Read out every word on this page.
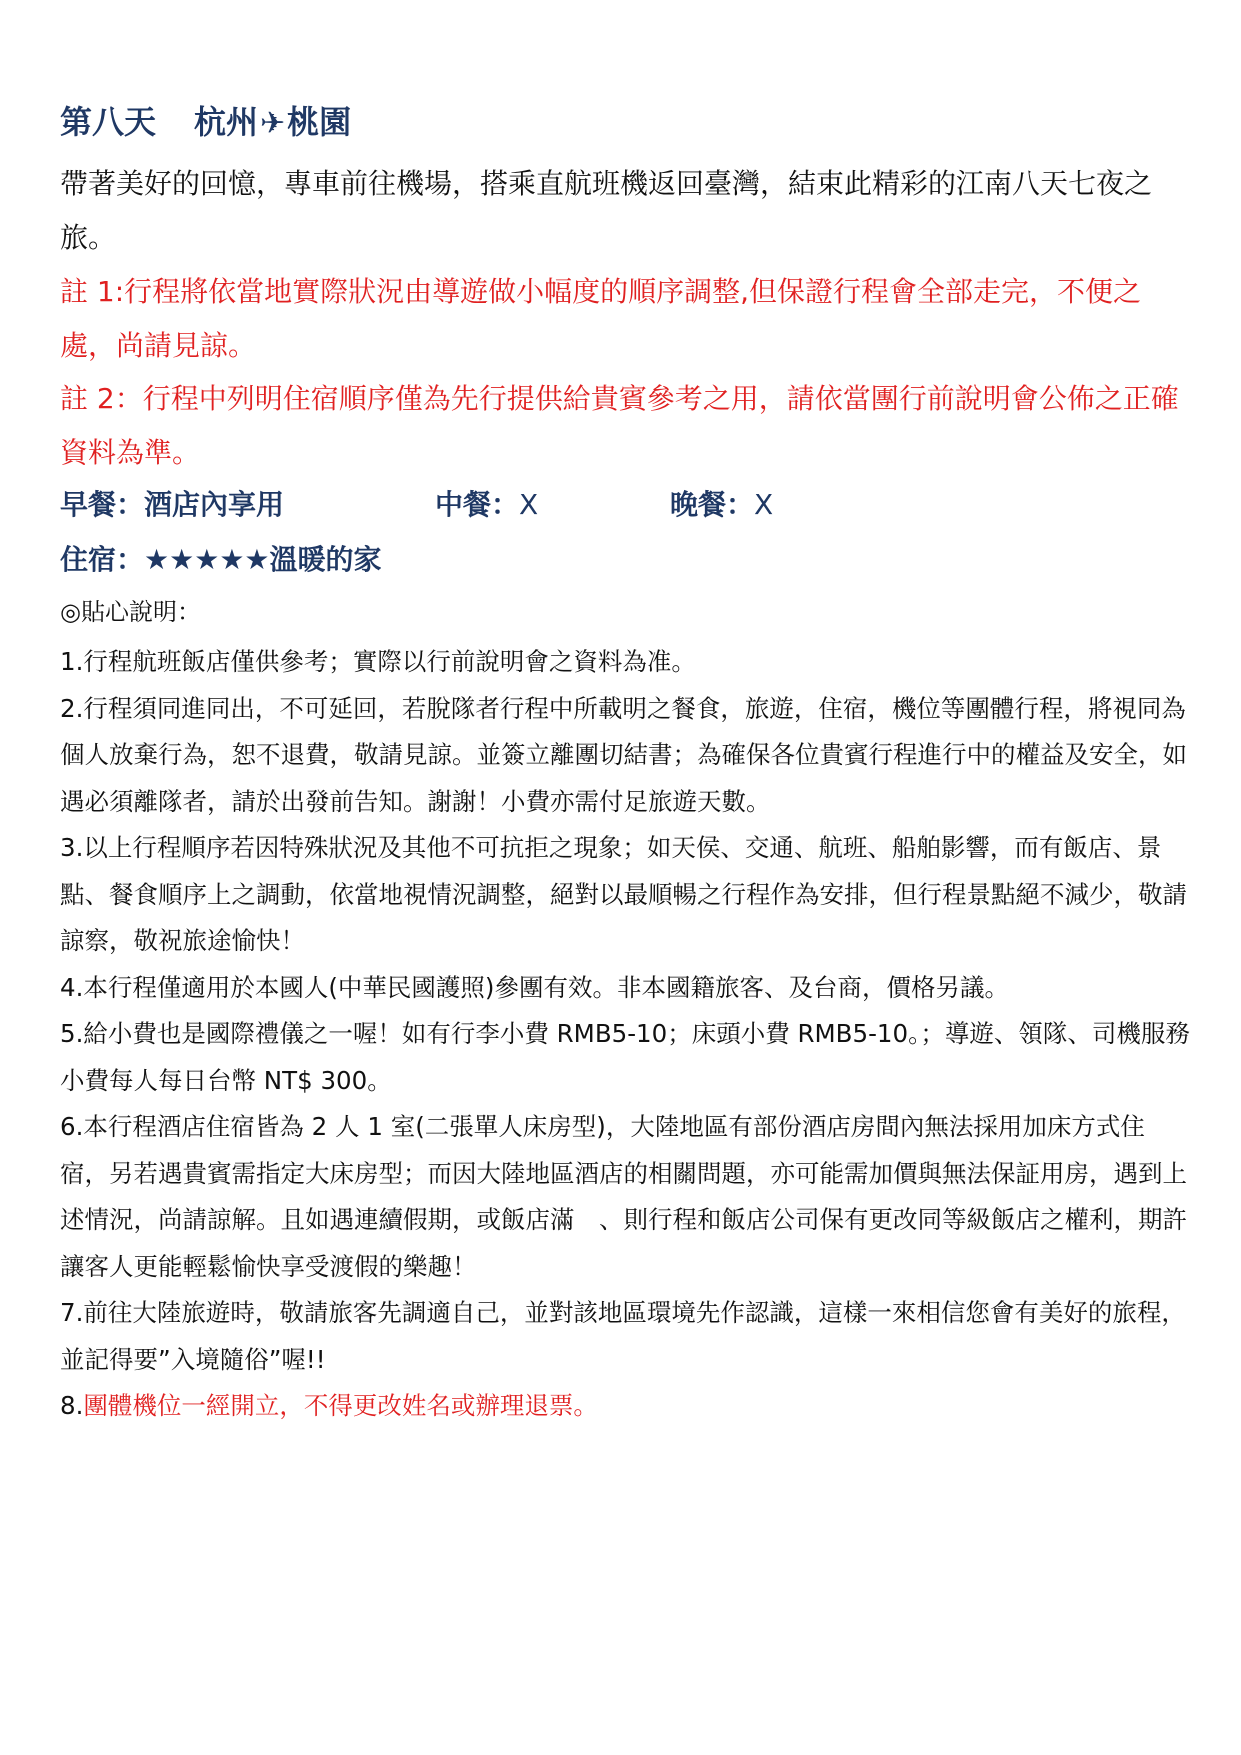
第八天 杭州✈桃園
帶著美好的回憶，專車前往機場，搭乘直航班機返回臺灣，結束此精彩的江南八天七夜之旅。
註 1:行程將依當地實際狀況由導遊做小幅度的順序調整,但保證行程會全部走完，不便之處，尚請見諒。
註 2：行程中列明住宿順序僅為先行提供給貴賓參考之用，請依當團行前說明會公佈之正確資料為準。
早餐：酒店內享用	中餐：X	晚餐：X
住宿：★★★★★溫暖的家
◎貼心說明：

1.行程航班飯店僅供參考；實際以行前說明會之資料為准。

2.行程須同進同出，不可延回，若脫隊者行程中所載明之餐食，旅遊，住宿，機位等團體行程，將視同為個人放棄行為，恕不退費，敬請見諒。並簽立離團切結書；為確保各位貴賓行程進行中的權益及安全，如遇必須離隊者，請於出發前告知。謝謝！小費亦需付足旅遊天數。

3.以上行程順序若因特殊狀況及其他不可抗拒之現象；如天侯、交通、航班、船舶影響，而有飯店、景點、餐食順序上之調動，依當地視情況調整，絕對以最順暢之行程作為安排，但行程景點絕不減少，敬請諒察，敬祝旅途愉快！

4.本行程僅適用於本國人(中華民國護照)參團有效。非本國籍旅客、及台商，價格另議。

5.給小費也是國際禮儀之一喔！如有行李小費 RMB5-10；床頭小費 RMB5-10。；導遊、領隊、司機服務小費每人每日台幣 NT$ 300。

6.本行程酒店住宿皆為 2 人 1 室(二張單人床房型)，大陸地區有部份酒店房間內無法採用加床方式住宿，另若遇貴賓需指定大床房型；而因大陸地區酒店的相關問題，亦可能需加價與無法保証用房，遇到上述情況，尚請諒解。且如遇連續假期，或飯店滿　、則行程和飯店公司保有更改同等級飯店之權利，期許讓客人更能輕鬆愉快享受渡假的樂趣！

7.前往大陸旅遊時，敬請旅客先調適自己，並對該地區環境先作認識，這樣一來相信您會有美好的旅程，並記得要”入境隨俗”喔!!

8.團體機位一經開立，不得更改姓名或辦理退票。
